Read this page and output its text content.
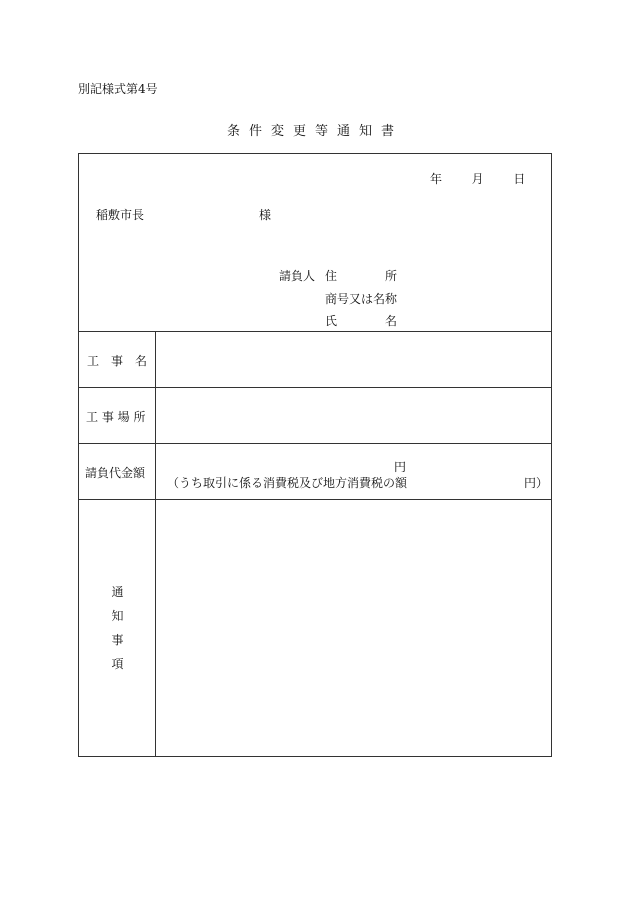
別記様式第4号
条件変更等通知書
年 月 日
稲敷市長	様
請負人 住　　　　所
商号又は名称
氏　　　　名
工　事　名
工 事 場 所
請負代金額	円
（うち取引に係る消費税及び地方消費税の額	円）
通
知
事
項
